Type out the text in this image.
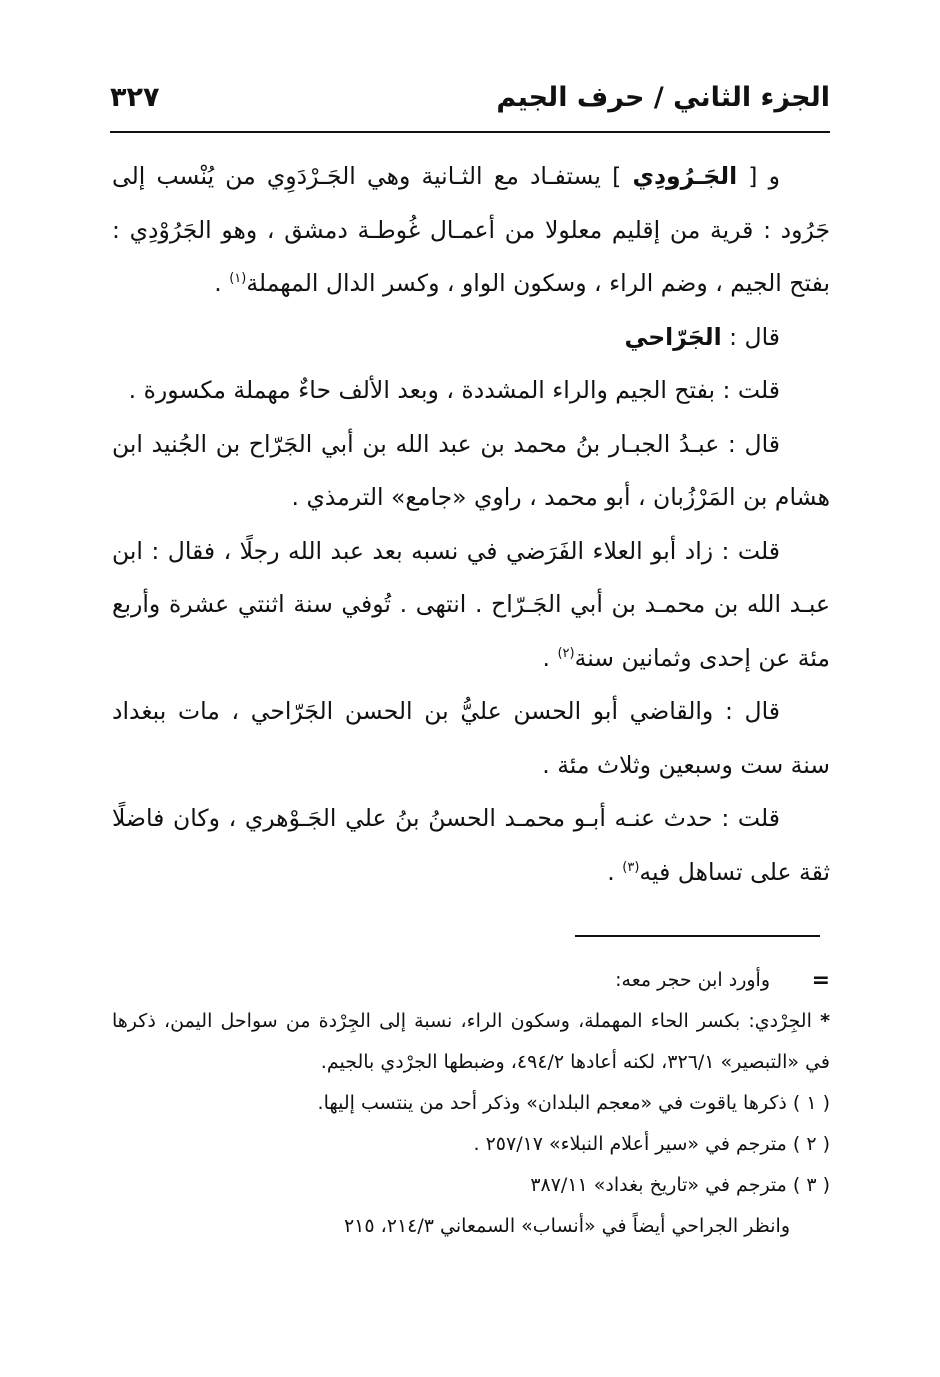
الجزء الثاني / حرف الجيم
٣٢٧

و [ الجَـرُودِي ] يستفـاد مع الثـانية وهي الجَـرْدَوِي من يُنْسب إلى جَرُود : قرية من إقليم معلولا من أعمـال غُوطـة دمشق ، وهو الجَرُوْدِي : بفتح الجيم ، وضم الراء ، وسكون الواو ، وكسر الدال المهملة$^{(١)}$ .

قال : الجَرّاحي

قلت : بفتح الجيم والراء المشددة ، وبعد الألف حاءٌ مهملة مكسورة .

قال : عبـدُ الجبـار بنُ محمد بن عبد الله بن أبي الجَرّاح بن الجُنيد ابن هشام بن المَرْزُبان ، أبو محمد ، راوي «جامع» الترمذي .

قلت : زاد أبو العلاء الفَرَضي في نسبه بعد عبد الله رجلًا ، فقال : ابن عبـد الله بن محمـد بن أبي الجَـرّاح . انتهى . تُوفي سنة اثنتي عشرة وأربع مئة عن إحدى وثمانين سنة$^{(٢)}$ .

قال : والقاضي أبو الحسن عليُّ بن الحسن الجَرّاحي ، مات ببغداد سنة ست وسبعين وثلاث مئة .

قلت : حدث عنـه أبـو محمـد الحسنُ بنُ علي الجَـوْهري ، وكان فاضلًا ثقة على تساهل فيه$^{(٣)}$ .

=

وأورد ابن حجر معه:

* الجِرْدي: بكسر الحاء المهملة، وسكون الراء، نسبة إلى الجِرْدة من سواحل اليمن، ذكرها في «التبصير» ٣٢٦/١، لكنه أعادها ٤٩٤/٢، وضبطها الجرْدي بالجيم.

( ١ ) ذكرها ياقوت في «معجم البلدان» وذكر أحد من ينتسب إليها.

( ٢ ) مترجم في «سير أعلام النبلاء» ٢٥٧/١٧ .

( ٣ ) مترجم في «تاريخ بغداد» ٣٨٧/١١

وانظر الجراحي أيضاً في «أنساب» السمعاني ٢١٤/٣، ٢١٥
